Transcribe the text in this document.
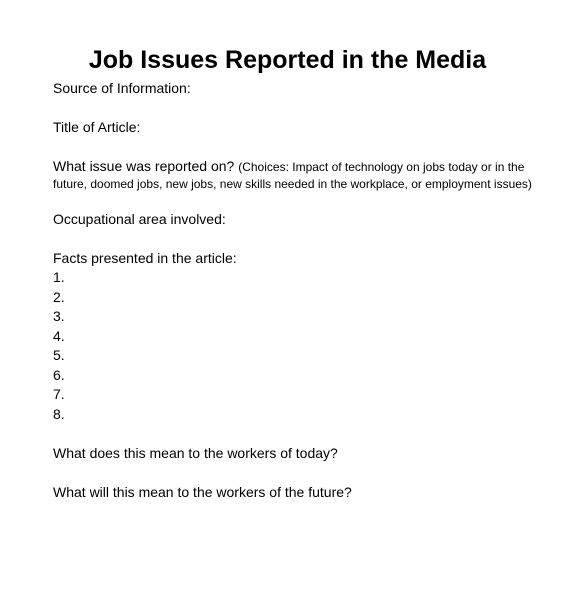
Job Issues Reported in the Media
Source of Information:
Title of Article:
What issue was reported on? (Choices: Impact of technology on jobs today or in the
future, doomed jobs, new jobs, new skills needed in the workplace, or employment issues)
Occupational area involved:
Facts presented in the article:
1.
2.
3.
4.
5.
6.
7.
8.
What does this mean to the workers of today?
What will this mean to the workers of the future?
